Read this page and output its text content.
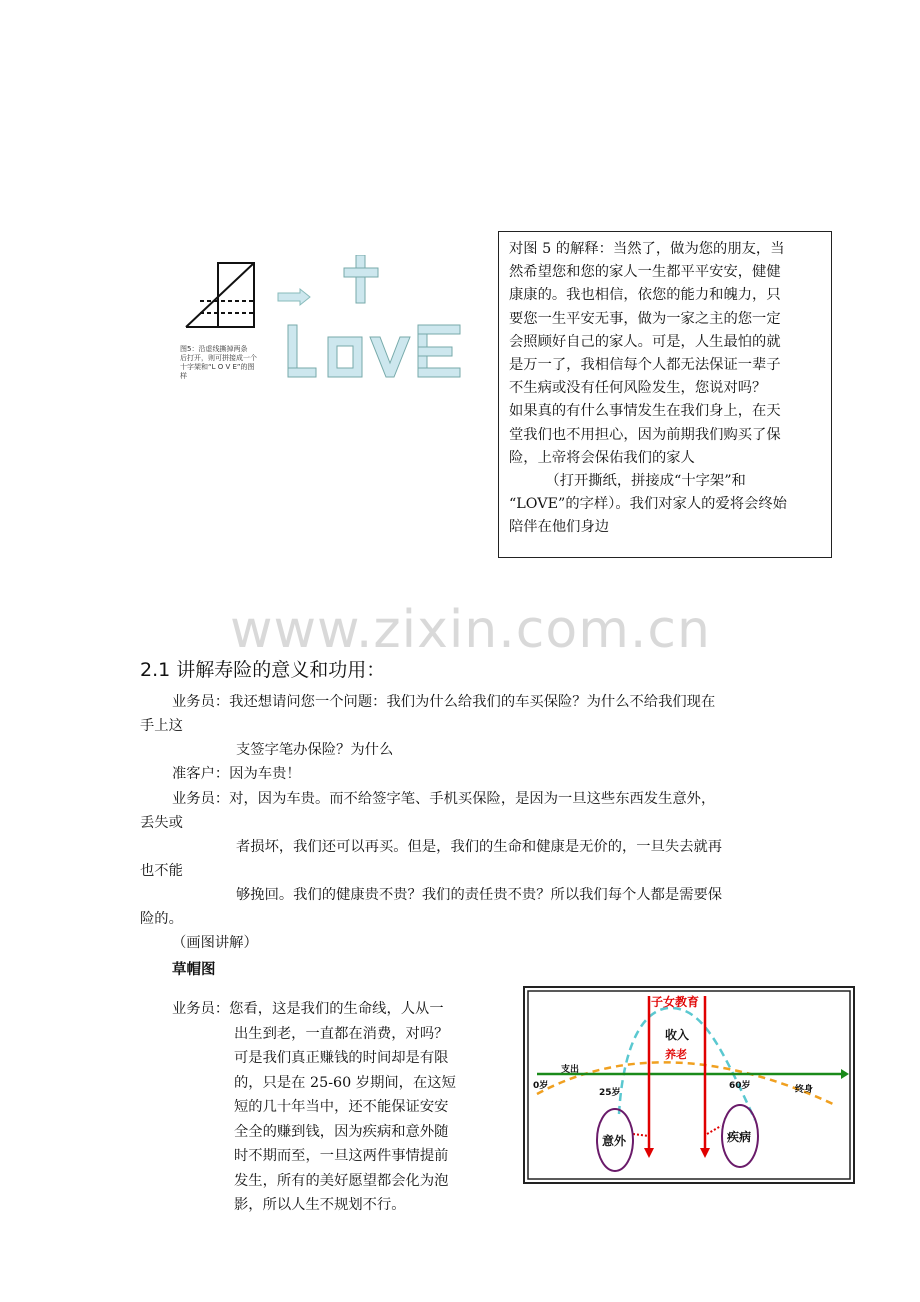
图5：沿虚线撕掉两条
后打开，则可拼接成一个
十字架和“L O V E”的图
样

对图 5 的解释：当然了，做为您的朋友，当

然希望您和您的家人一生都平平安安，健健

康康的。我也相信，依您的能力和魄力，只

要您一生平安无事，做为一家之主的您一定

会照顾好自己的家人。可是，人生最怕的就

是万一了，我相信每个人都无法保证一辈子

不生病或没有任何风险发生，您说对吗？

如果真的有什么事情发生在我们身上，在天

堂我们也不用担心，因为前期我们购买了保

险，上帝将会保佑我们的家人

（打开撕纸，拼接成“十字架”和

“LOVE”的字样）。我们对家人的爱将会终始

陪伴在他们身边

www.zixin.com.cn
2.1 讲解寿险的意义和功用：
业务员：我还想请问您一个问题：我们为什么给我们的车买保险？为什么不给我们现在
手上这
支签字笔办保险？为什么
准客户：因为车贵！
业务员：对，因为车贵。而不给签字笔、手机买保险，是因为一旦这些东西发生意外，
丢失或
者损坏，我们还可以再买。但是，我们的生命和健康是无价的，一旦失去就再
也不能
够挽回。我们的健康贵不贵？我们的责任贵不贵？所以我们每个人都是需要保
险的。
（画图讲解）
草帽图
业务员：您看，这是我们的生命线，人从一
出生到老，一直都在消费，对吗？
可是我们真正赚钱的时间却是有限
的，只是在 25-60 岁期间，在这短
短的几十年当中，还不能保证安安
全全的赚到钱，因为疾病和意外随
时不期而至，一旦这两件事情提前
发生，所有的美好愿望都会化为泡
影，所以人生不规划不行。
子女教育
收入
养老
支出
0岁
25岁
60岁	终身
意外	疾病
